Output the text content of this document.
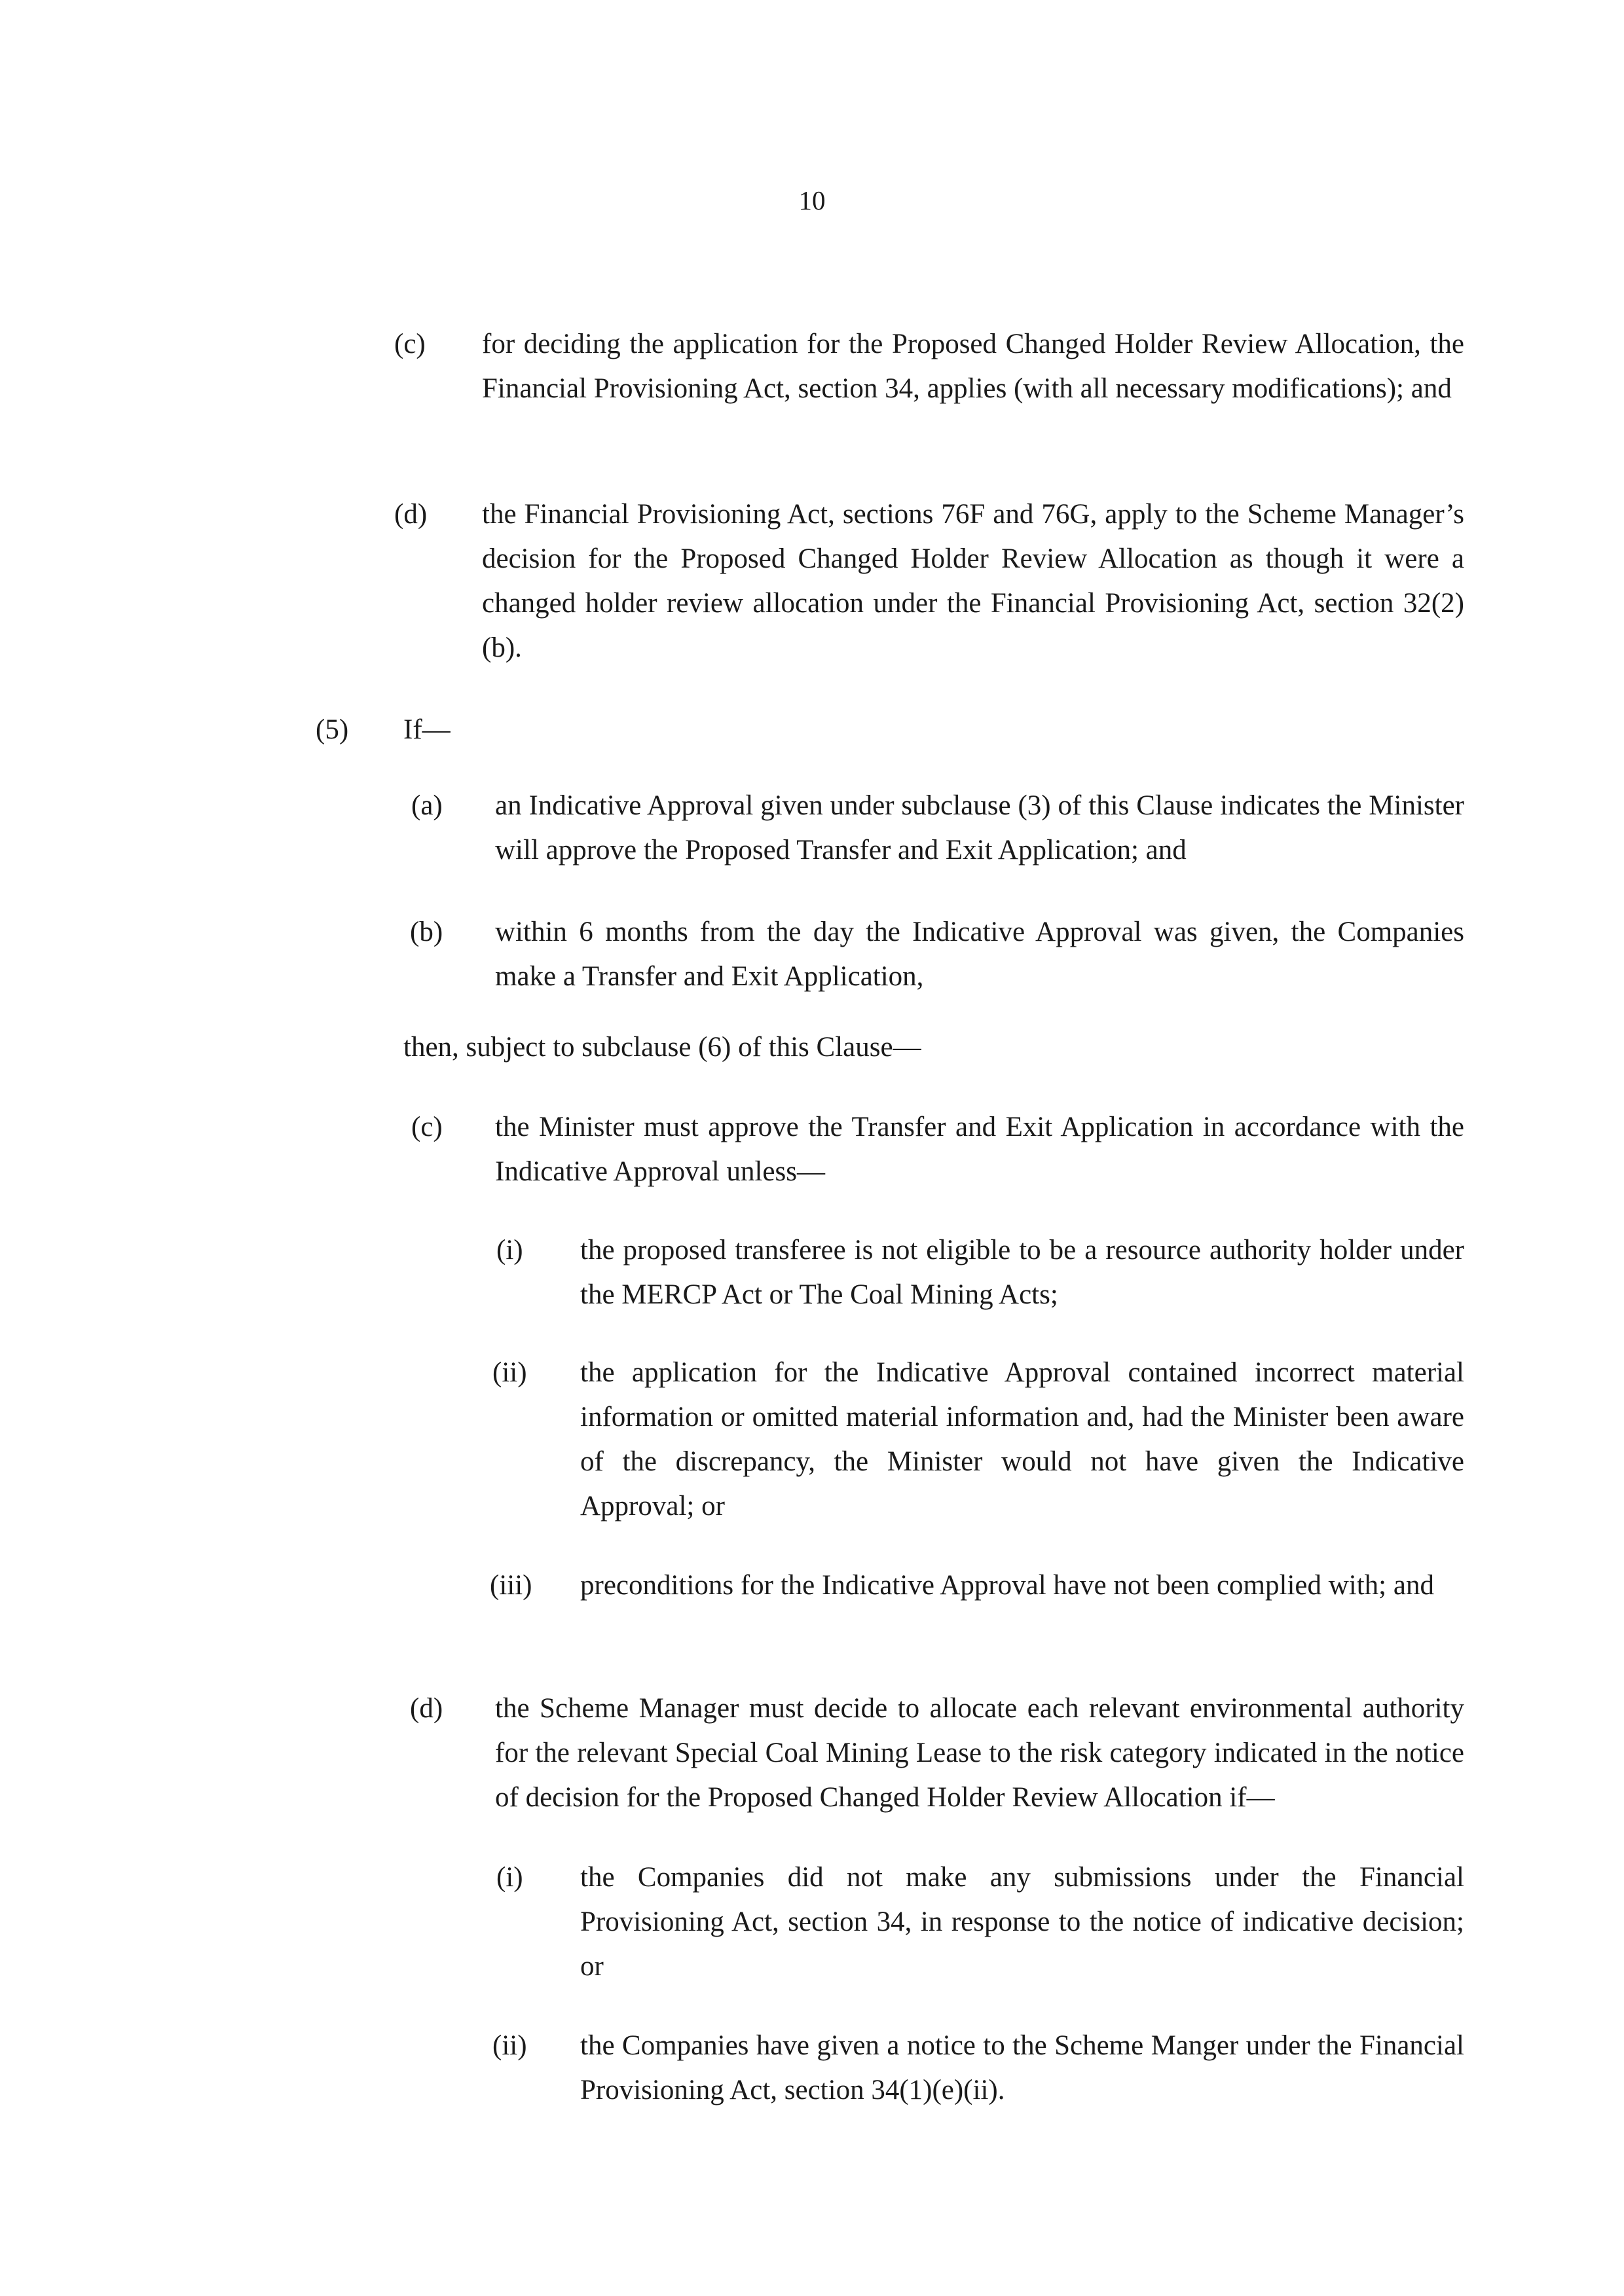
10
(c) for deciding the application for the Proposed Changed Holder Review Allocation, the Financial Provisioning Act, section 34, applies (with all necessary modifications); and
(d) the Financial Provisioning Act, sections 76F and 76G, apply to the Scheme Manager’s decision for the Proposed Changed Holder Review Allocation as though it were a changed holder review allocation under the Financial Provisioning Act, section 32(2)(b).
(5) If—
(a) an Indicative Approval given under subclause (3) of this Clause indicates the Minister will approve the Proposed Transfer and Exit Application; and
(b) within 6 months from the day the Indicative Approval was given, the Companies make a Transfer and Exit Application,
then, subject to subclause (6) of this Clause—
(c) the Minister must approve the Transfer and Exit Application in accordance with the Indicative Approval unless—
(i) the proposed transferee is not eligible to be a resource authority holder under the MERCP Act or The Coal Mining Acts;
(ii) the application for the Indicative Approval contained incorrect material information or omitted material information and, had the Minister been aware of the discrepancy, the Minister would not have given the Indicative Approval; or
(iii) preconditions for the Indicative Approval have not been complied with; and
(d) the Scheme Manager must decide to allocate each relevant environmental authority for the relevant Special Coal Mining Lease to the risk category indicated in the notice of decision for the Proposed Changed Holder Review Allocation if—
(i) the Companies did not make any submissions under the Financial Provisioning Act, section 34, in response to the notice of indicative decision; or
(ii) the Companies have given a notice to the Scheme Manger under the Financial Provisioning Act, section 34(1)(e)(ii).
